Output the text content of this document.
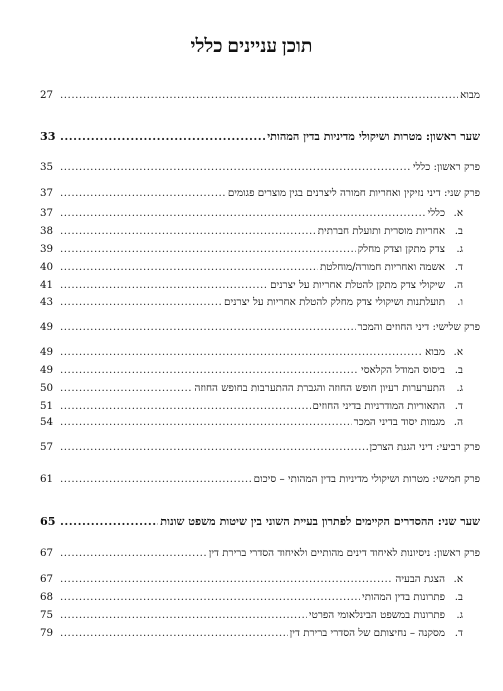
תוכן עניינים כללי
מבוא
.....
27
שער ראשון: מטרות ושיקולי מדיניות בדין המהותי
.....
33
פרק ראשון: כללי
.....
35
פרק שני: דיני נזיקין ואחריות חמורה ליצרנים בגין מוצרים פגומים
.....
37
א.
כללי
.....
37
ב.
אחריות מוסרית ותועלת חברתית
.....
38
ג.
צדק מתקן וצדק מחלק
.....
39
ד.
אשמה ואחריות חמורה/מוחלטת
.....
40
ה.
שיקולי צדק מתקן להטלת אחריות על יצרנים
.....
41
ו.
תועלתנות ושיקולי צדק מחלק להטלת אחריות על יצרנים
.....
43
פרק שלישי: דיני החוזים והמכר
.....
49
א.
מבוא
.....
49
ב.
ביסוס המודל הקלאסי
.....
49
ג.
התערערות רעיון חופש החוזה והגברת ההתערבות בחופש החוזה
.....
50
ד.
התאוריות המודרניות בדיני החוזים
.....
51
ה.
מגמות יסוד בדיני המכר
.....
54
פרק רביעי: דיני הגנת הצרכן
.....
57
פרק חמישי: מטרות ושיקולי מדיניות בדין המהותי – סיכום
.....
61
שער שני: ההסדרים הקיימים לפתרון בעיית השוני בין שיטות משפט שונות
.....
65
פרק ראשון: ניסיונות לאיחוד דינים מהותיים ולאיחוד הסדרי ברירת דין
.....
67
א.
הצגת הבעיה
.....
67
ב.
פתרונות בדין המהותי
.....
68
ג.
פתרונות במשפט הבינלאומי הפרטי
.....
75
ד.
מסקנה – נחיצותם של הסדרי ברירת דין
.....
79
